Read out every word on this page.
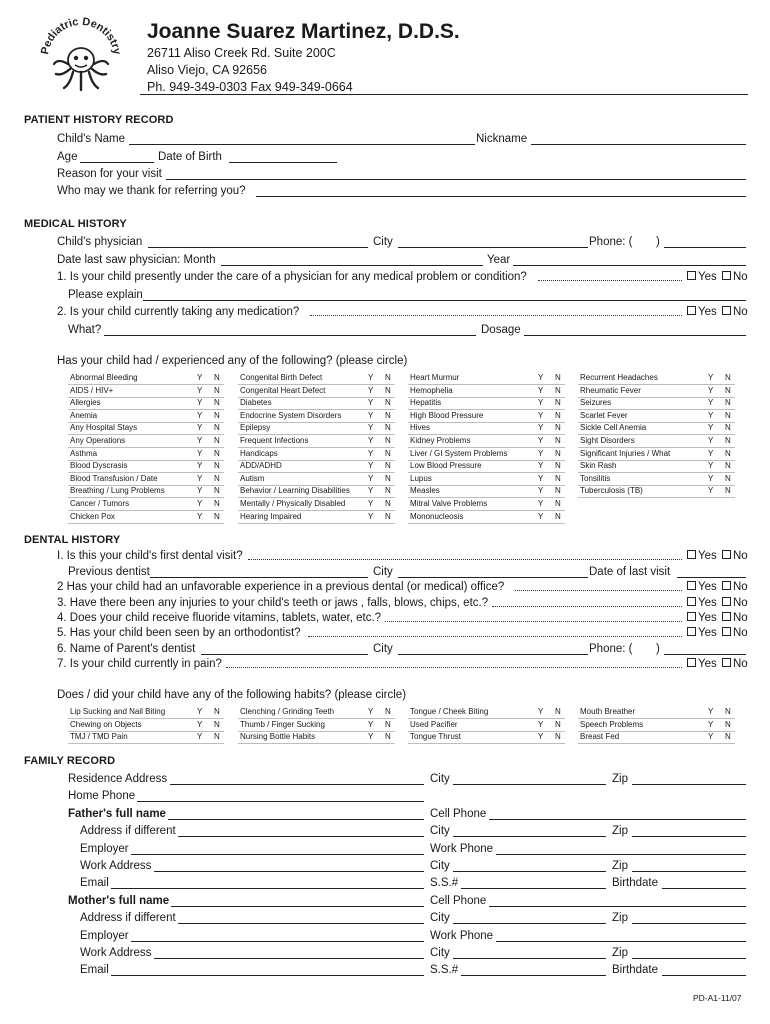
Pediatric Dentistry
Joanne Suarez Martinez, D.D.S.
26711 Aliso Creek Rd. Suite 200C
Aliso Viejo, CA 92656
Ph. 949-349-0303 Fax 949-349-0664
PATIENT HISTORY RECORD
Child's Name	Nickname
Age	Date of Birth
Reason for your visit
Who may we thank for referring you?
MEDICAL HISTORY
Child's physician	City	Phone: ( )
Date last saw physician: Month	Year
1. Is your child presently under the care of a physician for any medical problem or condition?	Yes No
Please explain
2. Is your child currently taking any medication?	Yes No
What?	Dosage
Has your child had / experienced any of the following? (please circle)
Abnormal Bleeding	Y N
AIDS / HIV+	Y N
Allergies	Y N
Anemia	Y N
Any Hospital Stays	Y N
Any Operations	Y N
Asthma	Y N
Blood Dyscrasis	Y N
Blood Transfusion / Date	Y N
Breathing / Lung Problems	Y N
Cancer / Tumors	Y N
Chicken Pox	Y N
Congenital Birth Defect	Y N
Congenital Heart Defect	Y N
Diabetes	Y N
Endocrine System Disorders	Y N
Epilepsy	Y N
Frequent Infections	Y N
Handicaps	Y N
ADD/ADHD	Y N
Autism	Y N
Behavior / Learning Disabilities Y N
Mentally / Physically Disabled	Y N
Hearing Impaired	Y N
Heart Murmur	Y N
Hemophelia	Y N
Hepatitis	Y N
High Blood Pressure	Y N
Hives	Y N
Kidney Problems	Y N
Liver / GI System Problems	Y N
Low Blood Pressure	Y N
Lupus	Y N
Measles	Y N
Mitral Valve Problems	Y N
Mononucleosis	Y N
Recurrent Headaches	Y N
Rheumatic Fever	Y N
Seizures	Y N
Scarlet Fever	Y N
Sickle Cell Anemia	Y N
Sight Disorders	Y N
Significant Injuries / What	Y N
Skin Rash	Y N
Tonsilitis	Y N
Tuberculosis (TB)	Y N
DENTAL HISTORY
I. Is this your child's first dental visit?	Yes No
Previous dentist	City	Date of last visit
2 Has your child had an unfavorable experience in a previous dental (or medical) office?	Yes No
3. Have there been any injuries to your child's teeth or jaws , falls, blows, chips, etc.?	Yes No
4. Does your child receive fluoride vitamins, tablets, water, etc.?	Yes No
5. Has your child been seen by an orthodontist?	Yes No
6. Name of Parent's dentist	City	Phone: ( )
7. Is your child currently in pain?	Yes No
Does / did your child have any of the following habits? (please circle)
Lip Sucking and Nail Biting	Y N
Chewing on Objects	Y N
TMJ / TMD Pain	Y N
Clenching / Grinding Teeth	Y N
Thumb / Finger Sucking	Y N
Nursing Bottle Habits	Y N
Tongue / Cheek Biting	Y N
Used Pacifier	Y N
Tongue Thrust	Y N
Mouth Breather	Y N
Speech Problems	Y N
Breast Fed	Y N
FAMILY RECORD
Residence Address	City	Zip
Home Phone
Father's full name	Cell Phone
Address if different	City	Zip
Employer	Work Phone
Work Address	City	Zip
Email	S.S.#	Birthdate
Mother's full name	Cell Phone
Address if different	City	Zip
Employer	Work Phone
Work Address	City	Zip
Email	S.S.#	Birthdate
PD-A1-11/07
